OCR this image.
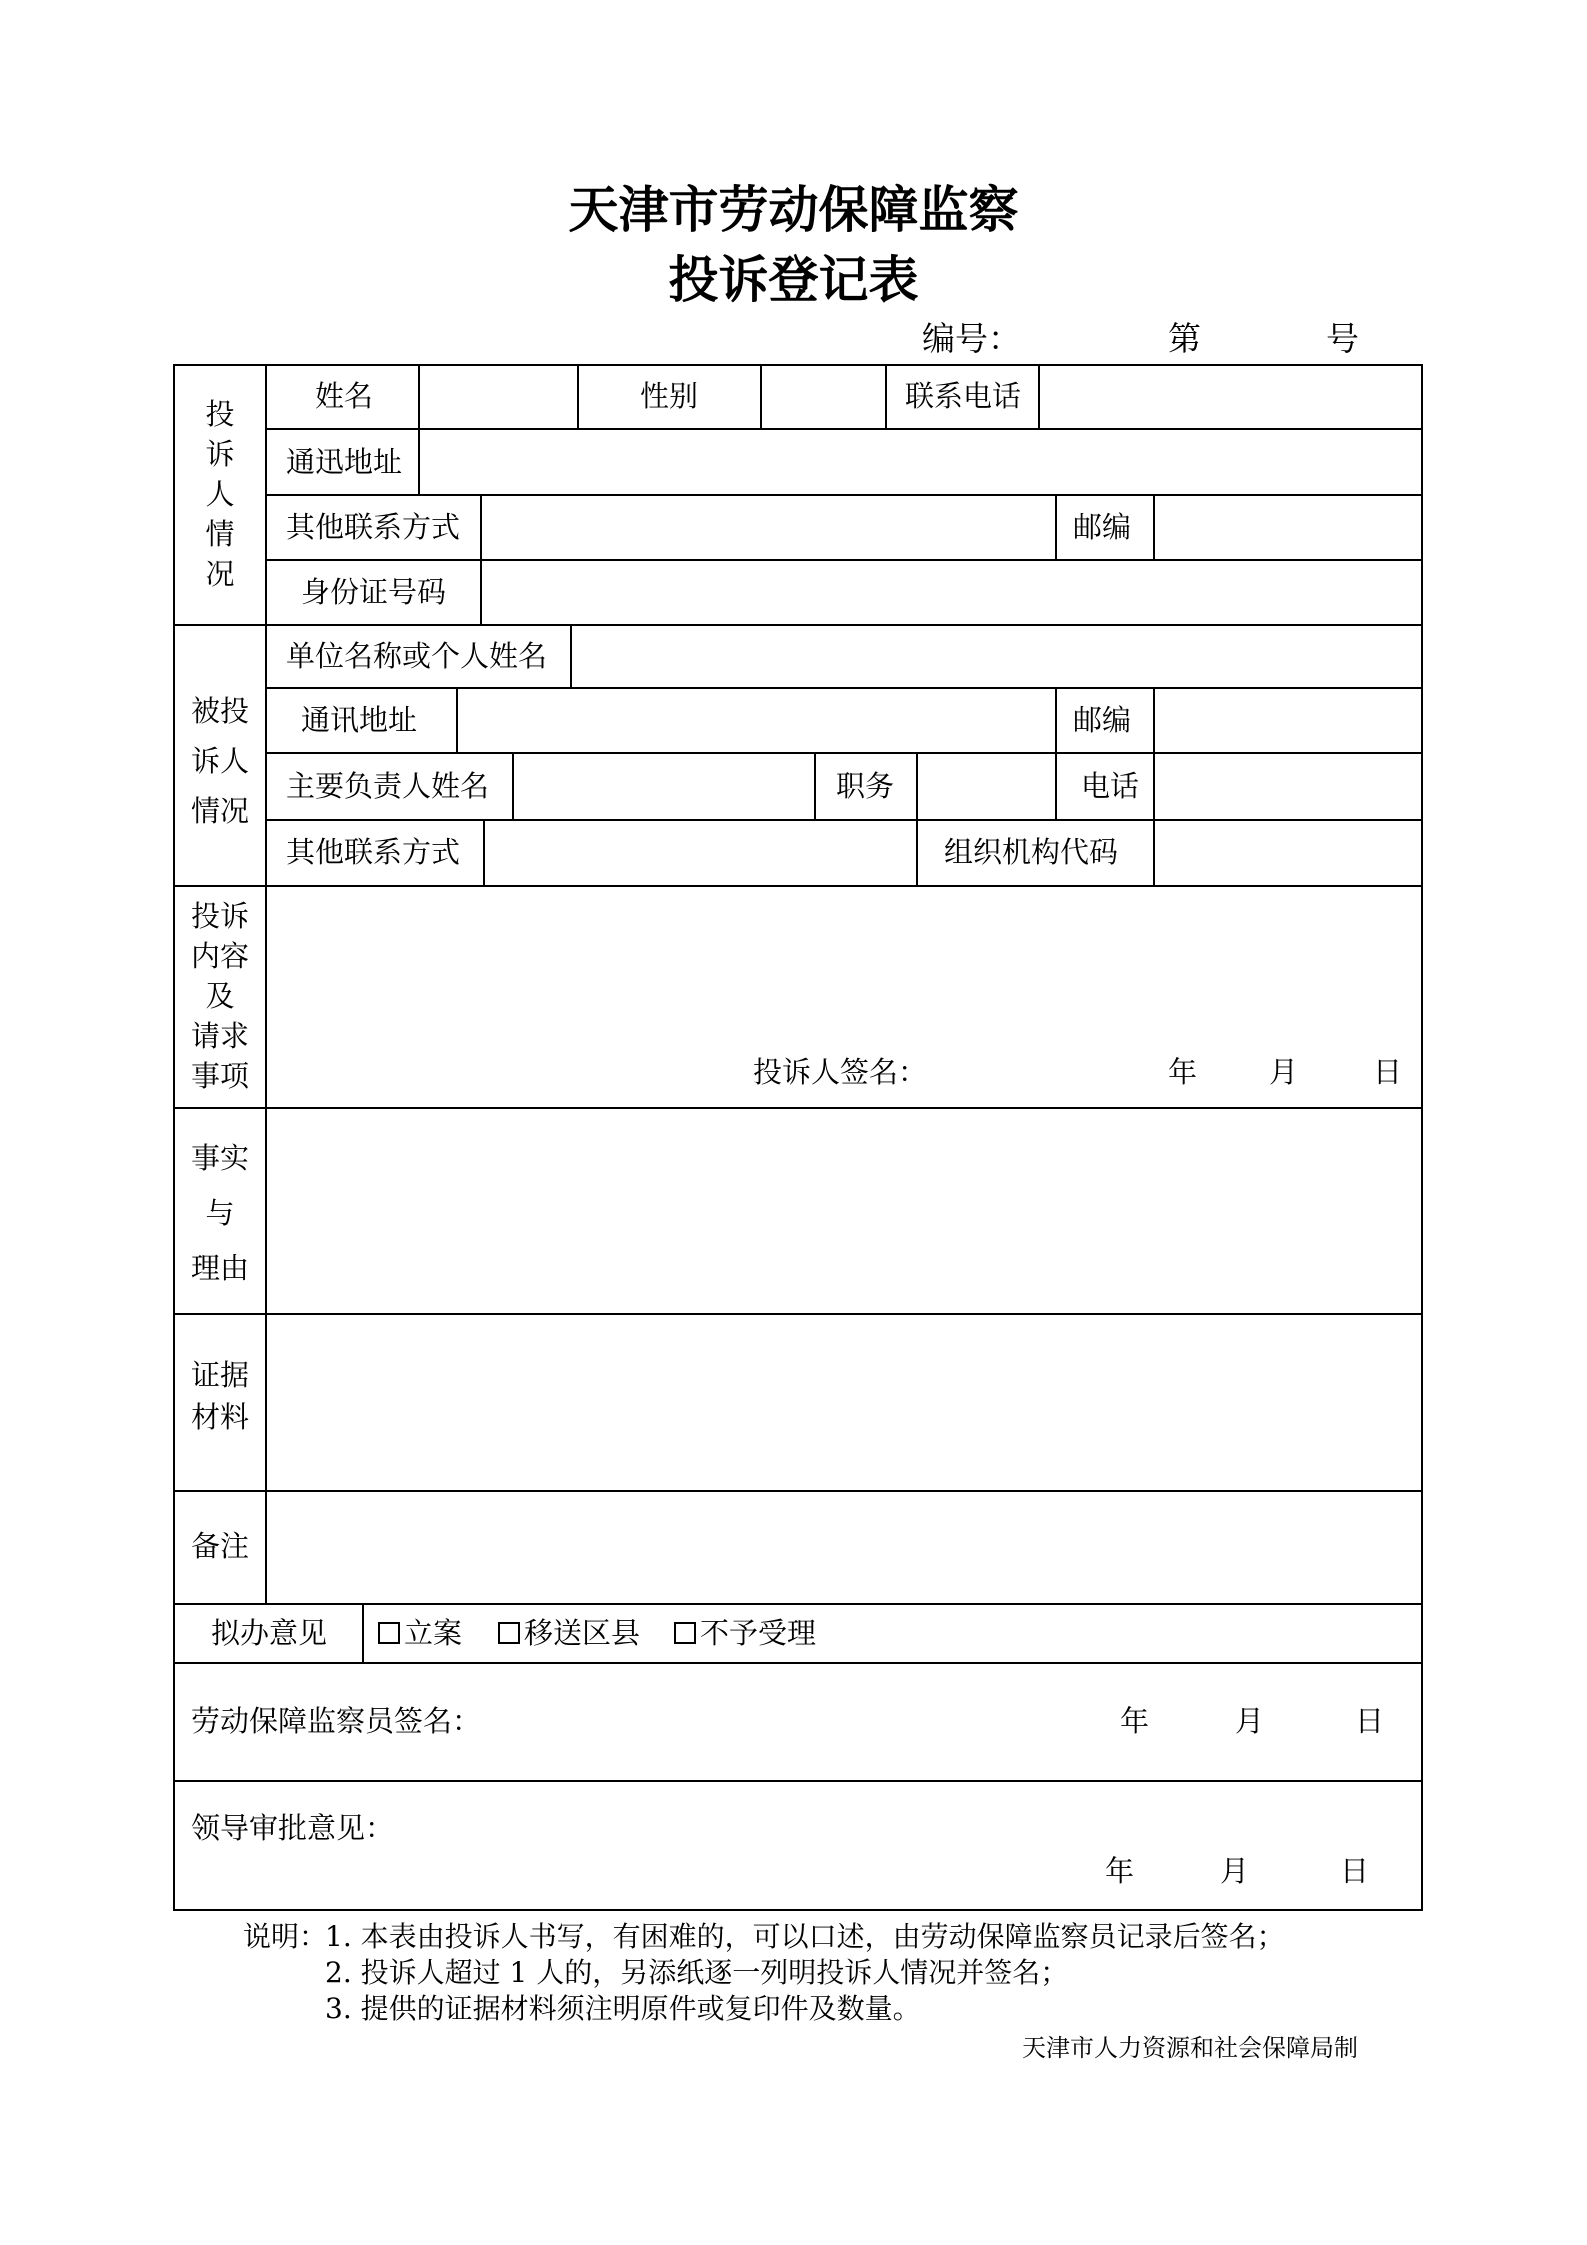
天津市劳动保障监察
投诉登记表
编号：	第	号
投
诉
人
情
况
姓名	性别	联系电话
通迅地址
其他联系方式	邮编
身份证号码
被投
诉人
情况
单位名称或个人姓名
通讯地址	邮编
主要负责人姓名	职务	电话
其他联系方式	组织机构代码
投诉
内容
及
请求
事项	投诉人签名：	年 月	日
事实
与
理由
证据
材料
备注
拟办意见	立案	移送区县	不予受理
劳动保障监察员签名：	年	月	日
领导审批意见：
年	月	日
说明：
1. 本表由投诉人书写，有困难的，可以口述，由劳动保障监察员记录后签名；
2. 投诉人超过 1 人的，另添纸逐一列明投诉人情况并签名；
3. 提供的证据材料须注明原件或复印件及数量。
天津市人力资源和社会保障局制
